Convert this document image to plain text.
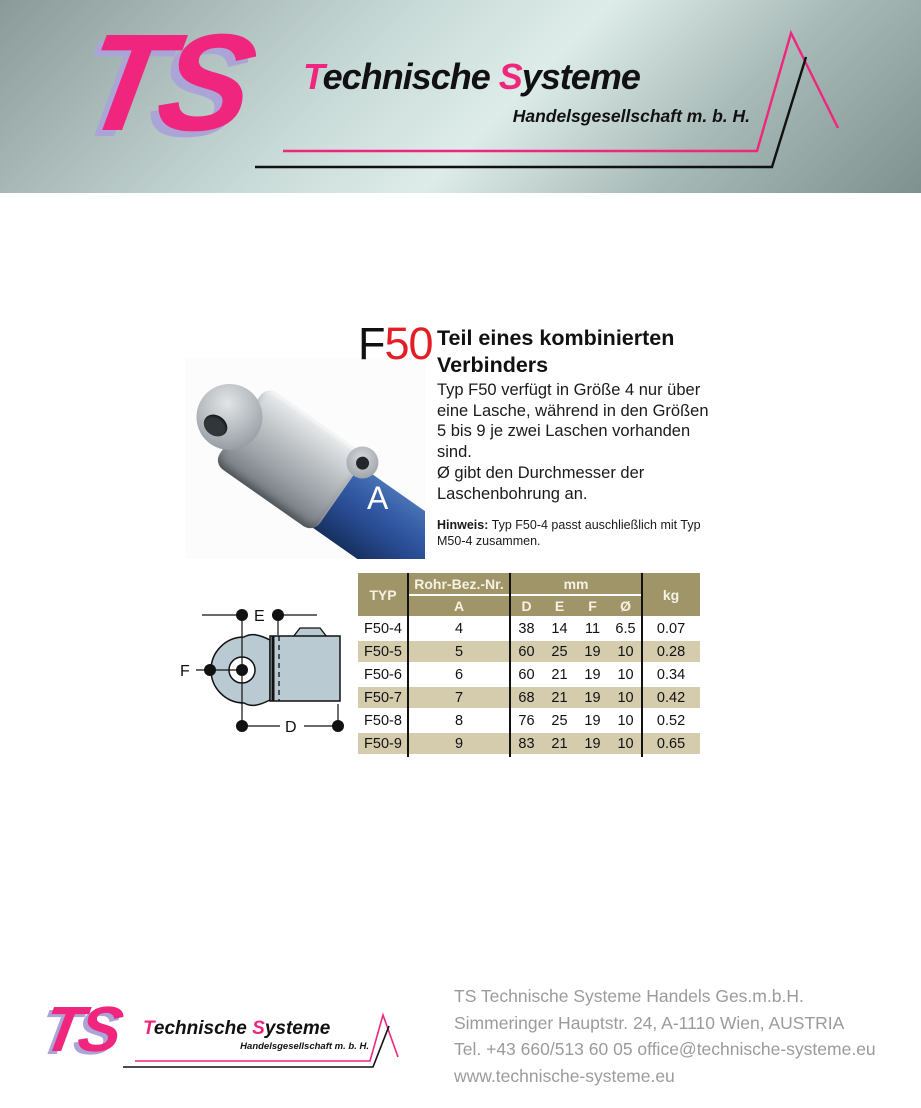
TS Technische Systeme
Handelsgesellschaft m. b. H.
A
F50 Teil eines kombinierten
Verbinders
Typ F50 verfügt in Größe 4 nur über
eine Lasche, während in den Größen
5 bis 9 je zwei Laschen vorhanden
sind.
Ø gibt den Durchmesser der
Laschenbohrung an.
Hinweis: Typ F50-4 passt auschließlich mit Typ M50-4 zusammen.
E
F
D
TYP	Rohr-Bez.-Nr.	mm				kg
	A	D	E	F	Ø	
F50-4	4	38	14	11	6.5	0.07
F50-5	5	60	25	19	10	0.28
F50-6	6	60	21	19	10	0.34
F50-7	7	68	21	19	10	0.42
F50-8	8	76	25	19	10	0.52
F50-9	9	83	21	19	10	0.65
TS Technische Systeme
Handelsgesellschaft m. b. H.
TS Technische Systeme Handels Ges.m.b.H.
Simmeringer Hauptstr. 24, A-1110 Wien, AUSTRIA
Tel. +43 660/513 60 05 office@technische-systeme.eu
www.technische-systeme.eu
